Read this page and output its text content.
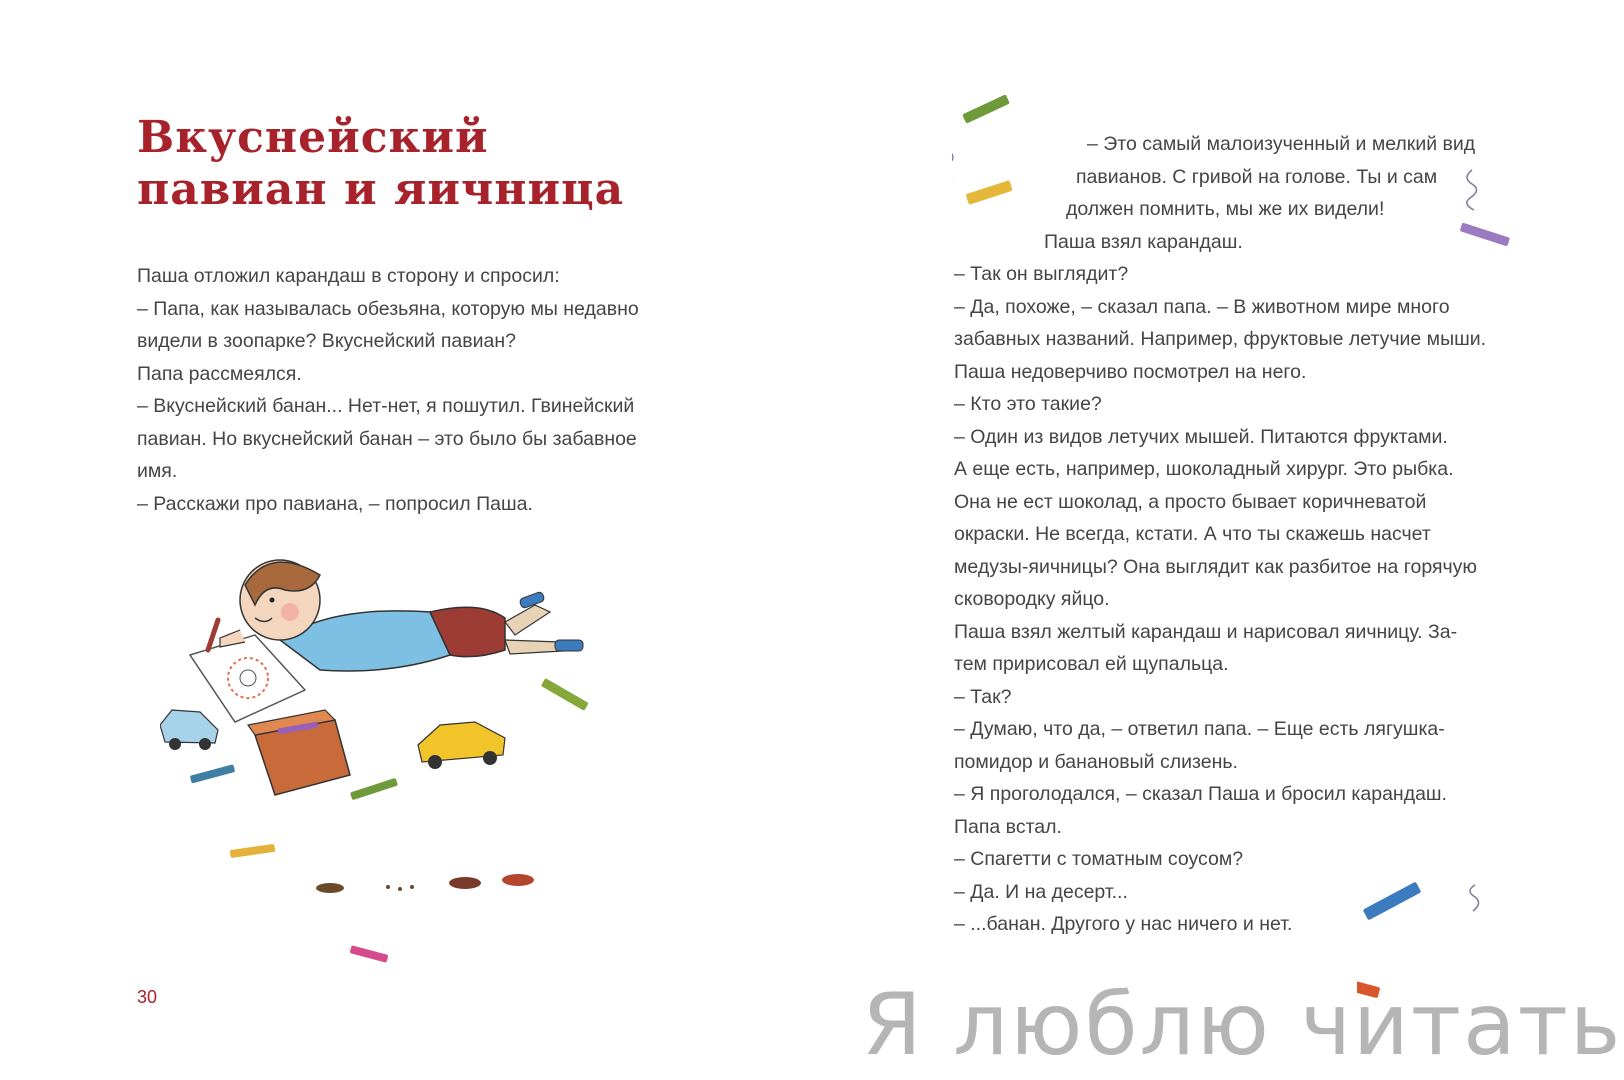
Вкуснейский
павиан и яичница

Паша отложил карандаш в сторону и спросил:

– Папа, как называлась обезьяна, которую мы недавно

видели в зоопарке? Вкуснейский павиан?

Папа рассмеялся.

– Вкуснейский банан... Нет-нет, я пошутил. Гвинейский

павиан. Но вкуснейский банан – это было бы забавное

имя.

– Расскажи про павиана, – попросил Паша.

30

– Это самый малоизученный и мелкий вид

павианов. С гривой на голове. Ты и сам

должен помнить, мы же их видели!

Паша взял карандаш.

– Так он выглядит?

– Да, похоже, – сказал папа. – В животном мире много

забавных названий. Например, фруктовые летучие мыши.

Паша недоверчиво посмотрел на него.

– Кто это такие?

– Один из видов летучих мышей. Питаются фруктами.

А еще есть, например, шоколадный хирург. Это рыбка.

Она не ест шоколад, а просто бывает коричневатой

окраски. Не всегда, кстати. А что ты скажешь насчет

медузы-яичницы? Она выглядит как разбитое на горячую

сковородку яйцо.

Паша взял желтый карандаш и нарисовал яичницу. За-

тем пририсовал ей щупальца.

– Так?

– Думаю, что да, – ответил папа. – Еще есть лягушка-

помидор и банановый слизень.

– Я проголодался, – сказал Паша и бросил карандаш.

Папа встал.

– Спагетти с томатным соусом?

– Да. И на десерт...

– ...банан. Другого у нас ничего и нет.

Я люблю читать
